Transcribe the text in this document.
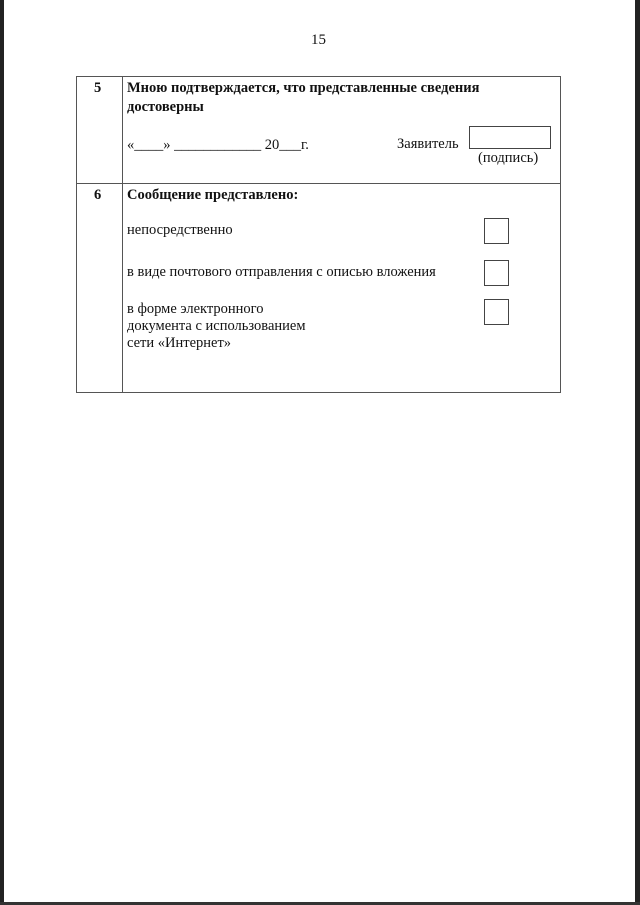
15
5 Мною подтверждается, что представленные сведения
достоверны
«____» ____________ 20___г.	Заявитель
(подпись)
6 Сообщение представлено:
непосредственно
в виде почтового отправления с описью вложения
в форме электронного
документа с использованием
сети «Интернет»
